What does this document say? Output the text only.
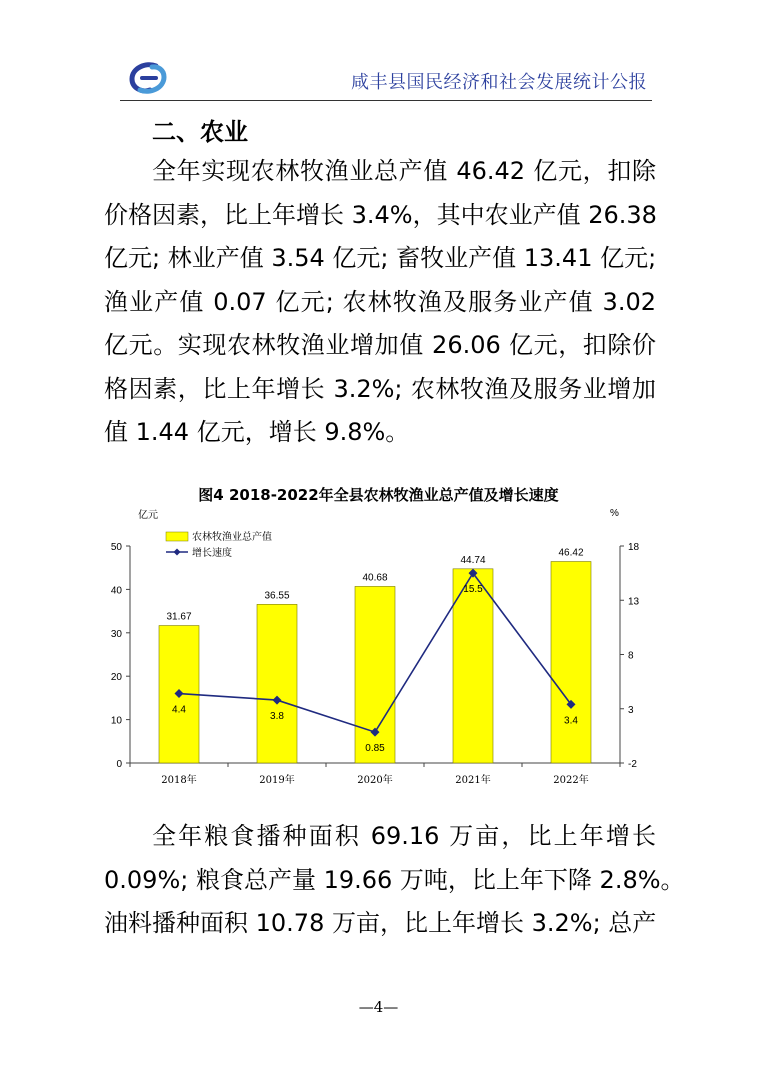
咸丰县国民经济和社会发展统计公报
二、农业
全年实现农林牧渔业总产值 46.42 亿元，扣除
价格因素，比上年增长 3.4%，其中农业产值 26.38
亿元; 林业产值 3.54 亿元; 畜牧业产值 13.41 亿元;
渔业产值 0.07 亿元; 农林牧渔及服务业产值 3.02
亿元。实现农林牧渔业增加值 26.06 亿元，扣除价
格因素，比上年增长 3.2%; 农林牧渔及服务业增加
值 1.44 亿元，增长 9.8%。
图4 2018-2022年全县农林牧渔业总产值及增长速度
亿元	%
0
10
20
30
40
50
-2
3
8
13
18
2018年	2019年	2020年	2021年	2022年
31.67
36.55
40.68
44.74
46.42
4.4
3.8
0.85
15.5
3.4
农林牧渔业总产值
增长速度
全年粮食播种面积 69.16 万亩，比上年增长
0.09%; 粮食总产量 19.66 万吨，比上年下降 2.8%。
油料播种面积 10.78 万亩，比上年增长 3.2%; 总产
—4—
